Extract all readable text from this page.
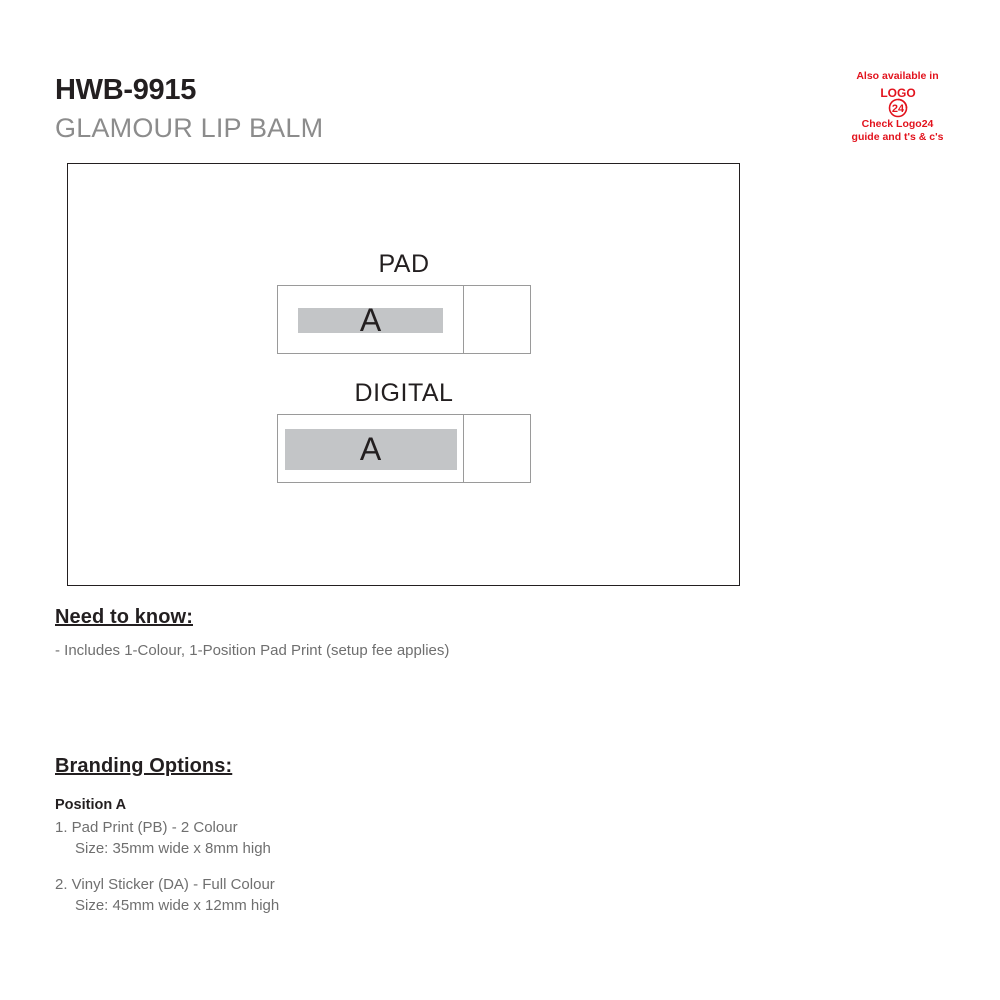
HWB-9915
GLAMOUR LIP BALM
Also available in
LOGO
24
Check Logo24
guide and t's & c's
PAD
A
DIGITAL
A
Need to know:
- Includes 1-Colour, 1-Position Pad Print (setup fee applies)
Branding Options:
Position A
1. Pad Print (PB) - 2 Colour
Size: 35mm wide x 8mm high
2. Vinyl Sticker (DA) - Full Colour
Size: 45mm wide x 12mm high
